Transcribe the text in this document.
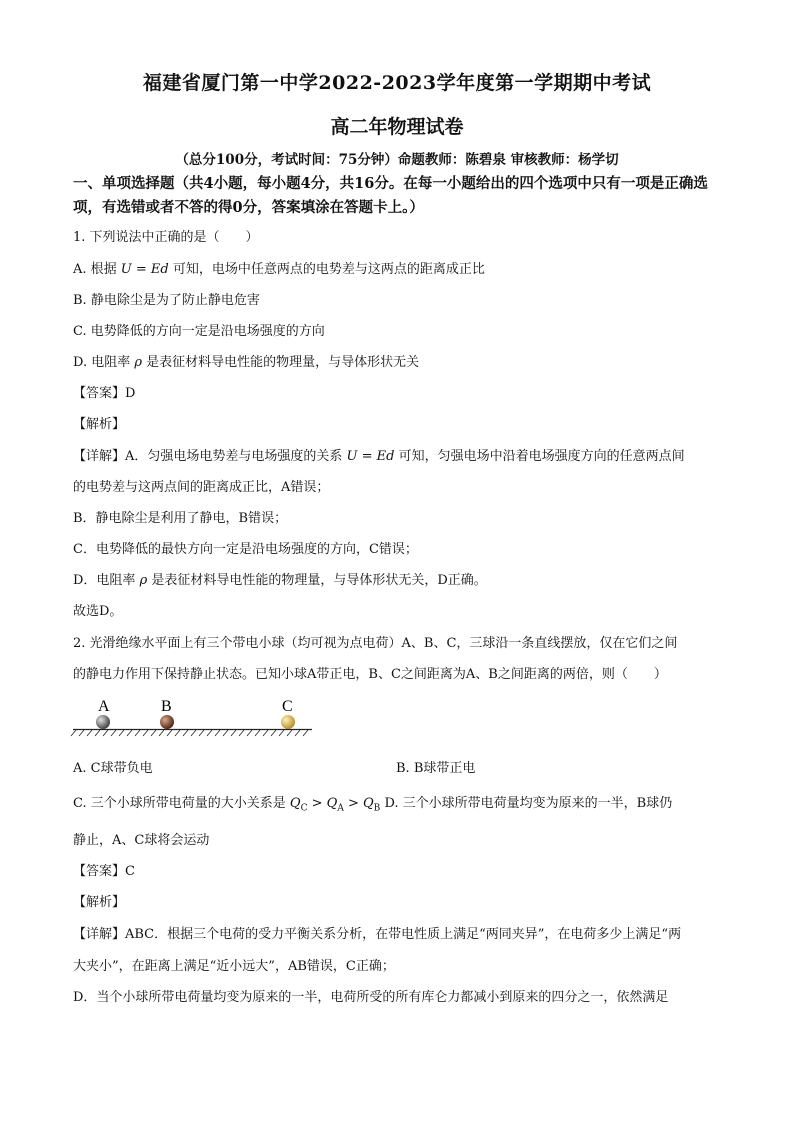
福建省厦门第一中学2022-2023学年度第一学期期中考试
高二年物理试卷
（总分100分，考试时间：75分钟）命题教师：陈碧泉 审核教师：杨学切
一、单项选择题（共4小题，每小题4分，共16分。在每一小题给出的四个选项中只有一项是正确选项，有选错或者不答的得0分，答案填涂在答题卡上。）
1. 下列说法中正确的是（　　）
A. 根据 U = Ed 可知，电场中任意两点的电势差与这两点的距离成正比
B. 静电除尘是为了防止静电危害
C. 电势降低的方向一定是沿电场强度的方向
D. 电阻率 ρ 是表征材料导电性能的物理量，与导体形状无关
【答案】D
【解析】
【详解】A．匀强电场电势差与电场强度的关系 U = Ed 可知，匀强电场中沿着电场强度方向的任意两点间
的电势差与这两点间的距离成正比，A错误；
B．静电除尘是利用了静电，B错误；
C．电势降低的最快方向一定是沿电场强度的方向，C错误；
D．电阻率 ρ 是表征材料导电性能的物理量，与导体形状无关，D正确。
故选D。
2. 光滑绝缘水平面上有三个带电小球（均可视为点电荷）A、B、C，三球沿一条直线摆放，仅在它们之间
的静电力作用下保持静止状态。已知小球A带正电，B、C之间距离为A、B之间距离的两倍，则（　　）
A	B	C
A. C球带负电	B. B球带正电
C. 三个小球所带电荷量的大小关系是 $Q_C > Q_A > Q_B$ D. 三个小球所带电荷量均变为原来的一半，B球仍
静止，A、C球将会运动
【答案】C
【解析】
【详解】ABC．根据三个电荷的受力平衡关系分析，在带电性质上满足“两同夹异”，在电荷多少上满足“两
大夹小”，在距离上满足“近小远大”，AB错误，C正确；
D．当个小球所带电荷量均变为原来的一半，电荷所受的所有库仑力都减小到原来的四分之一，依然满足
